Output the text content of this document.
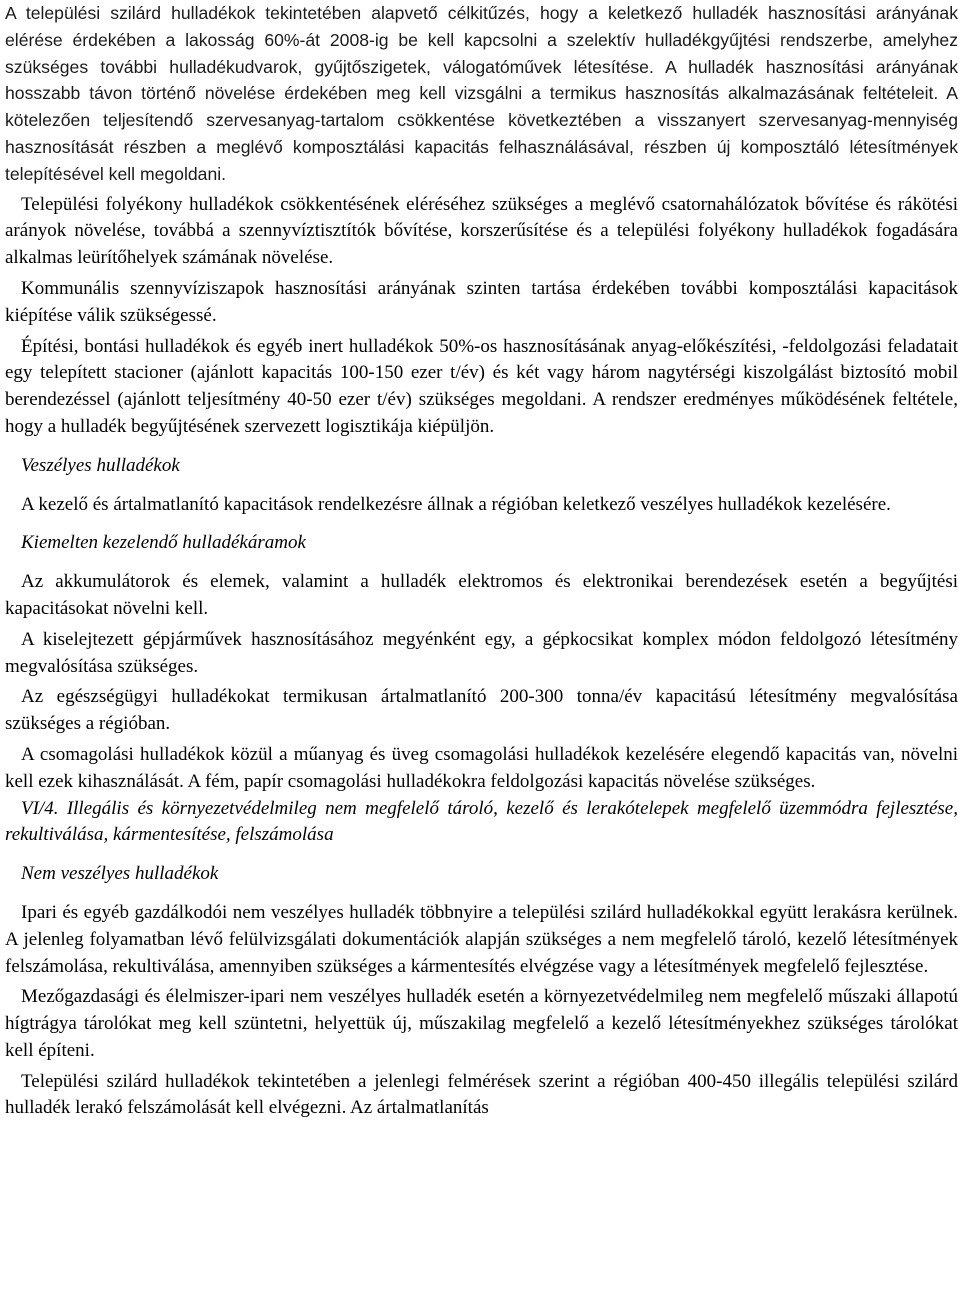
A települési szilárd hulladékok tekintetében alapvető célkitűzés, hogy a keletkező hulladék hasznosítási arányának elérése érdekében a lakosság 60%-át 2008-ig be kell kapcsolni a szelektív hulladékgyűjtési rendszerbe, amelyhez szükséges további hulladékudvarok, gyűjtőszigetek, válogatóművek létesítése. A hulladék hasznosítási arányának hosszabb távon történő növelése érdekében meg kell vizsgálni a termikus hasznosítás alkalmazásának feltételeit. A kötelezően teljesítendő szervesanyag-tartalom csökkentése következtében a visszanyert szervesanyag-mennyiség hasznosítását részben a meglévő komposztálási kapacitás felhasználásával, részben új komposztáló létesítmények telepítésével kell megoldani.

Települési folyékony hulladékok csökkentésének eléréséhez szükséges a meglévő csatornahálózatok bővítése és rákötési arányok növelése, továbbá a szennyvíztisztítók bővítése, korszerűsítése és a települési folyékony hulladékok fogadására alkalmas leürítőhelyek számának növelése.

Kommunális szennyvíziszapok hasznosítási arányának szinten tartása érdekében további komposztálási kapacitások kiépítése válik szükségessé.

Építési, bontási hulladékok és egyéb inert hulladékok 50%-os hasznosításának anyag-előkészítési, -feldolgozási feladatait egy telepített stacioner (ajánlott kapacitás 100-150 ezer t/év) és két vagy három nagytérségi kiszolgálást biztosító mobil berendezéssel (ajánlott teljesítmény 40-50 ezer t/év) szükséges megoldani. A rendszer eredményes működésének feltétele, hogy a hulladék begyűjtésének szervezett logisztikája kiépüljön.

Veszélyes hulladékok

A kezelő és ártalmatlanító kapacitások rendelkezésre állnak a régióban keletkező veszélyes hulladékok kezelésére.

Kiemelten kezelendő hulladékáramok

Az akkumulátorok és elemek, valamint a hulladék elektromos és elektronikai berendezések esetén a begyűjtési kapacitásokat növelni kell.

A kiselejtezett gépjárművek hasznosításához megyénként egy, a gépkocsikat komplex módon feldolgozó létesítmény megvalósítása szükséges.

Az egészségügyi hulladékokat termikusan ártalmatlanító 200-300 tonna/év kapacitású létesítmény megvalósítása szükséges a régióban.

A csomagolási hulladékok közül a műanyag és üveg csomagolási hulladékok kezelésére elegendő kapacitás van, növelni kell ezek kihasználását. A fém, papír csomagolási hulladékokra feldolgozási kapacitás növelése szükséges.

VI/4. Illegális és környezetvédelmileg nem megfelelő tároló, kezelő és lerakótelepek megfelelő üzemmódra fejlesztése, rekultiválása, kármentesítése, felszámolása

Nem veszélyes hulladékok

Ipari és egyéb gazdálkodói nem veszélyes hulladék többnyire a települési szilárd hulladékokkal együtt lerakásra kerülnek. A jelenleg folyamatban lévő felülvizsgálati dokumentációk alapján szükséges a nem megfelelő tároló, kezelő létesítmények felszámolása, rekultiválása, amennyiben szükséges a kármentesítés elvégzése vagy a létesítmények megfelelő fejlesztése.

Mezőgazdasági és élelmiszer-ipari nem veszélyes hulladék esetén a környezetvédelmileg nem megfelelő műszaki állapotú hígtrágya tárolókat meg kell szüntetni, helyettük új, műszakilag megfelelő a kezelő létesítményekhez szükséges tárolókat kell építeni.

Települési szilárd hulladékok tekintetében a jelenlegi felmérések szerint a régióban 400-450 illegális települési szilárd hulladék lerakó felszámolását kell elvégezni. Az ártalmatlanítás
